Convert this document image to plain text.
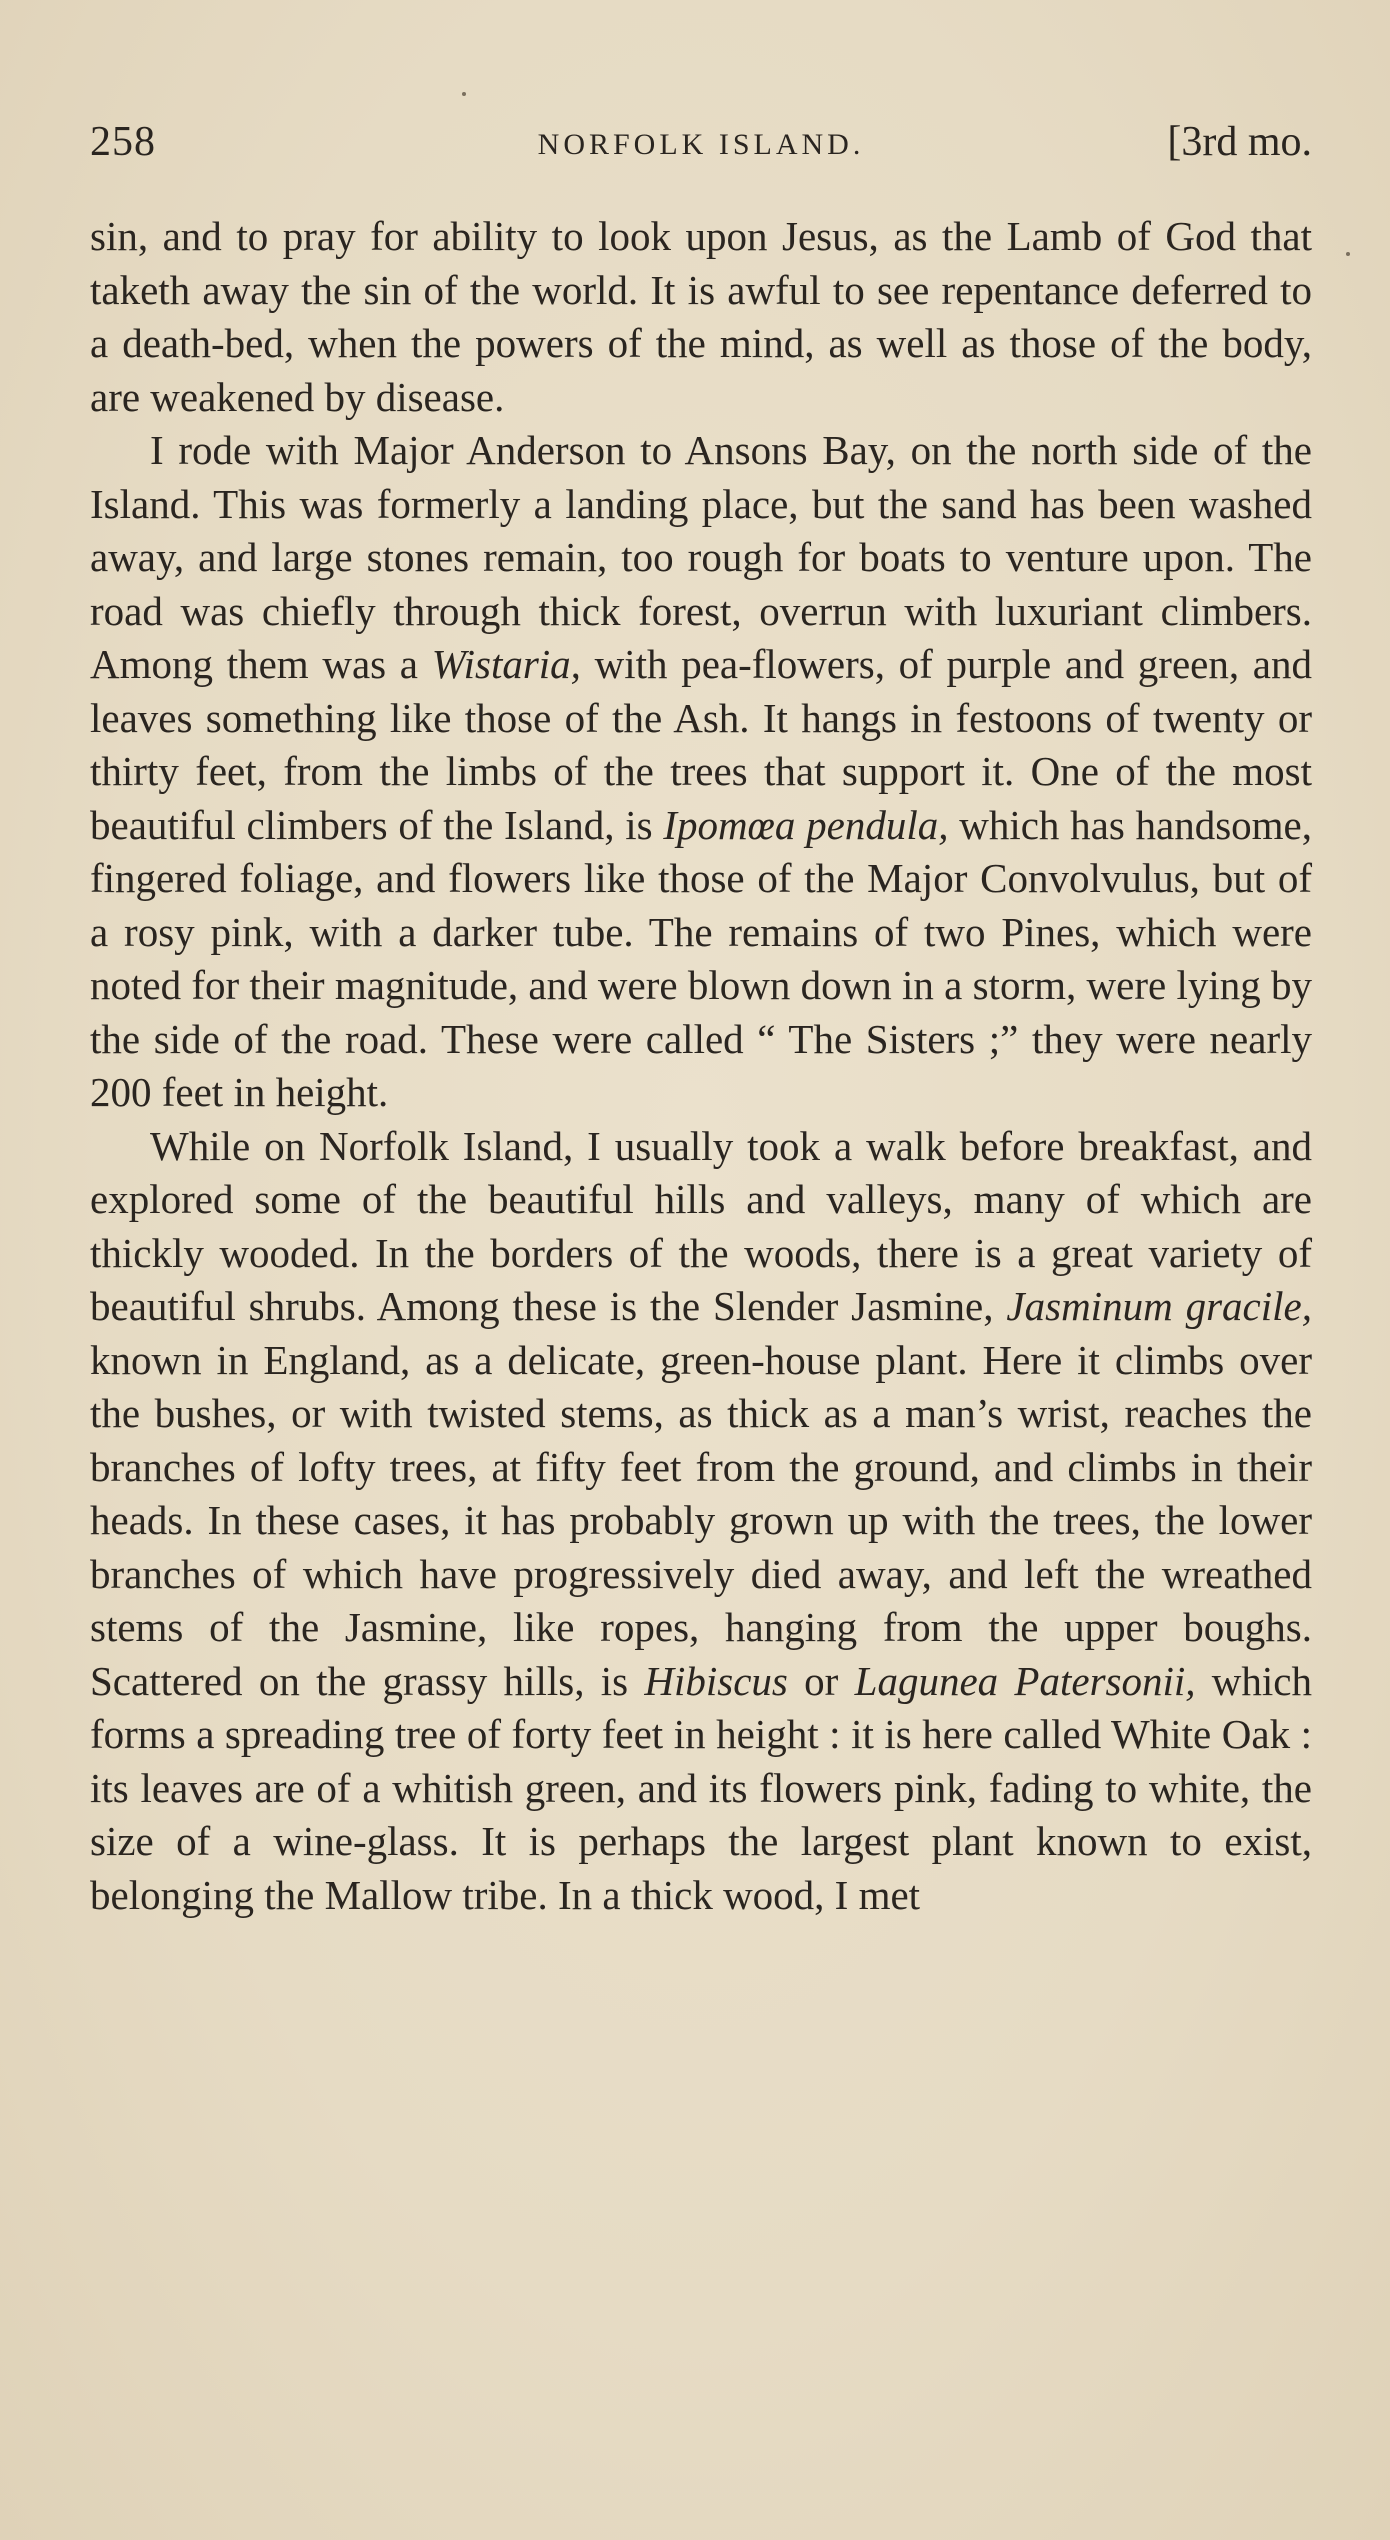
258	NORFOLK ISLAND.	[3rd mo.

sin, and to pray for ability to look upon Jesus, as the Lamb of God that taketh away the sin of the world. It is awful to see repentance deferred to a death-bed, when the powers of the mind, as well as those of the body, are weakened by disease.

I rode with Major Anderson to Ansons Bay, on the north side of the Island. This was formerly a landing place, but the sand has been washed away, and large stones remain, too rough for boats to venture upon. The road was chiefly through thick forest, overrun with luxuriant climbers. Among them was a Wistaria, with pea-flowers, of purple and green, and leaves something like those of the Ash. It hangs in festoons of twenty or thirty feet, from the limbs of the trees that support it. One of the most beautiful climbers of the Island, is Ipomœa pendula, which has handsome, fingered foliage, and flowers like those of the Major Convolvulus, but of a rosy pink, with a darker tube. The remains of two Pines, which were noted for their magnitude, and were blown down in a storm, were lying by the side of the road. These were called “ The Sisters ;” they were nearly 200 feet in height.

While on Norfolk Island, I usually took a walk before breakfast, and explored some of the beautiful hills and valleys, many of which are thickly wooded. In the borders of the woods, there is a great variety of beautiful shrubs. Among these is the Slender Jasmine, Jasminum gracile, known in England, as a delicate, green-house plant. Here it climbs over the bushes, or with twisted stems, as thick as a man’s wrist, reaches the branches of lofty trees, at fifty feet from the ground, and climbs in their heads. In these cases, it has probably grown up with the trees, the lower branches of which have progressively died away, and left the wreathed stems of the Jasmine, like ropes, hanging from the upper boughs. Scattered on the grassy hills, is Hibiscus or Lagunea Patersonii, which forms a spreading tree of forty feet in height : it is here called White Oak : its leaves are of a whitish green, and its flowers pink, fading to white, the size of a wine-glass. It is perhaps the largest plant known to exist, belonging the Mallow tribe. In a thick wood, I met
